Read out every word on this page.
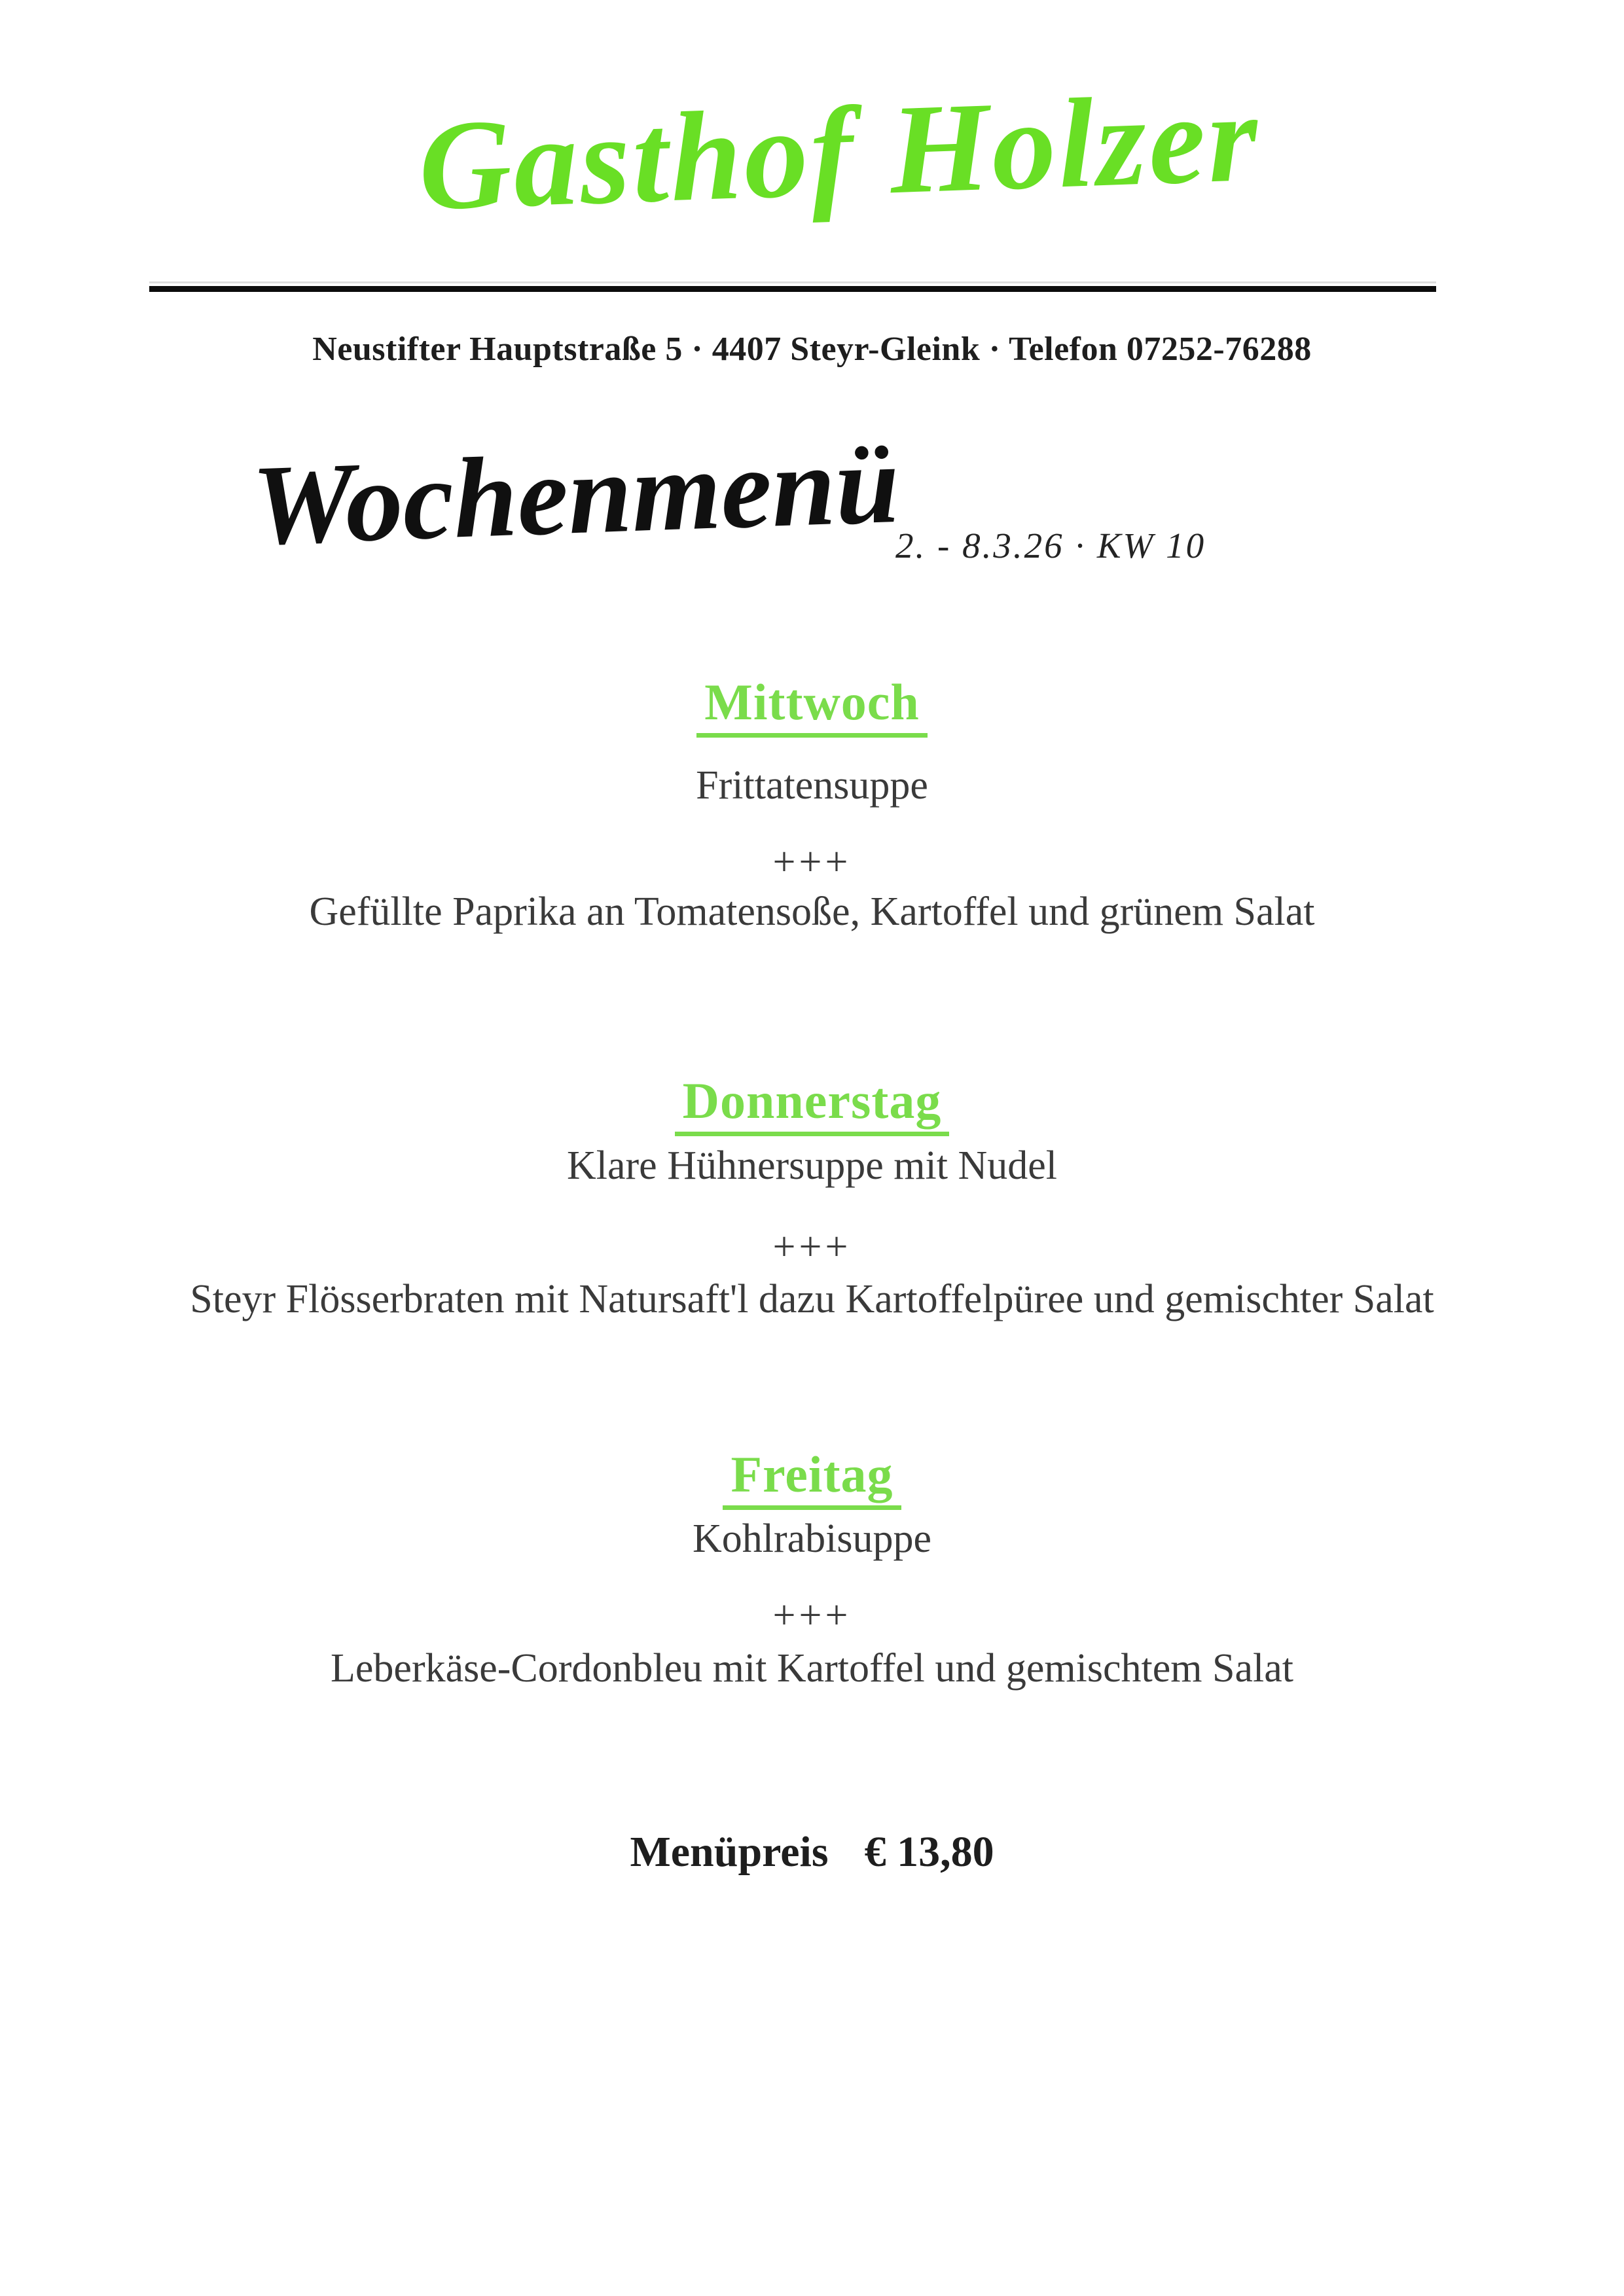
Gasthof Holzer
Neustifter Hauptstraße 5 · 4407 Steyr-Gleink · Telefon 07252-76288
Wochenmenü
2. - 8.3.26 · KW 10
Mittwoch
Frittatensuppe
+++
Gefüllte Paprika an Tomatensoße, Kartoffel und grünem Salat
Donnerstag
Klare Hühnersuppe mit Nudel
+++
Steyr Flösserbraten mit Natursaft'l dazu Kartoffelpüree und gemischter Salat
Freitag
Kohlrabisuppe
+++
Leberkäse-Cordonbleu mit Kartoffel und gemischtem Salat
Menüpreis € 13,80
